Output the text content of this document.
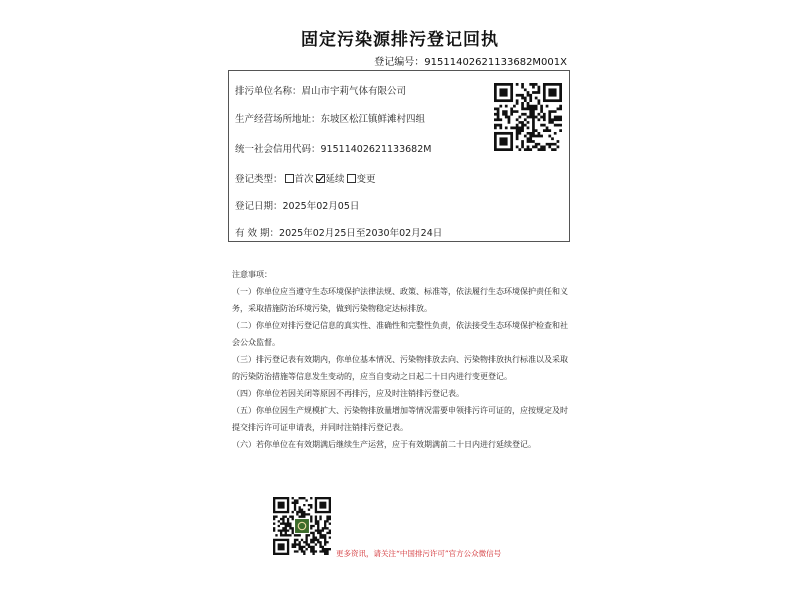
固定污染源排污登记回执
登记编号：91511402621133682M001X
排污单位名称：眉山市宇莉气体有限公司
生产经营场所地址：东坡区松江镇鲜滩村四组
统一社会信用代码：91511402621133682M
登记类型： 首次 延续 变更
登记日期：2025年02月05日
有 效 期：2025年02月25日至2030年02月24日

注意事项：

（一）你单位应当遵守生态环境保护法律法规、政策、标准等，依法履行生态环境保护责任和义务，采取措施防治环境污染，做到污染物稳定达标排放。

（二）你单位对排污登记信息的真实性、准确性和完整性负责，依法接受生态环境保护检查和社会公众监督。

（三）排污登记表有效期内，你单位基本情况、污染物排放去向、污染物排放执行标准以及采取的污染防治措施等信息发生变动的，应当自变动之日起二十日内进行变更登记。

（四）你单位若因关闭等原因不再排污，应及时注销排污登记表。

（五）你单位因生产规模扩大、污染物排放量增加等情况需要申领排污许可证的，应按规定及时提交排污许可证申请表，并同时注销排污登记表。

（六）若你单位在有效期满后继续生产运营，应于有效期满前二十日内进行延续登记。

更多资讯，请关注“中国排污许可”官方公众微信号
